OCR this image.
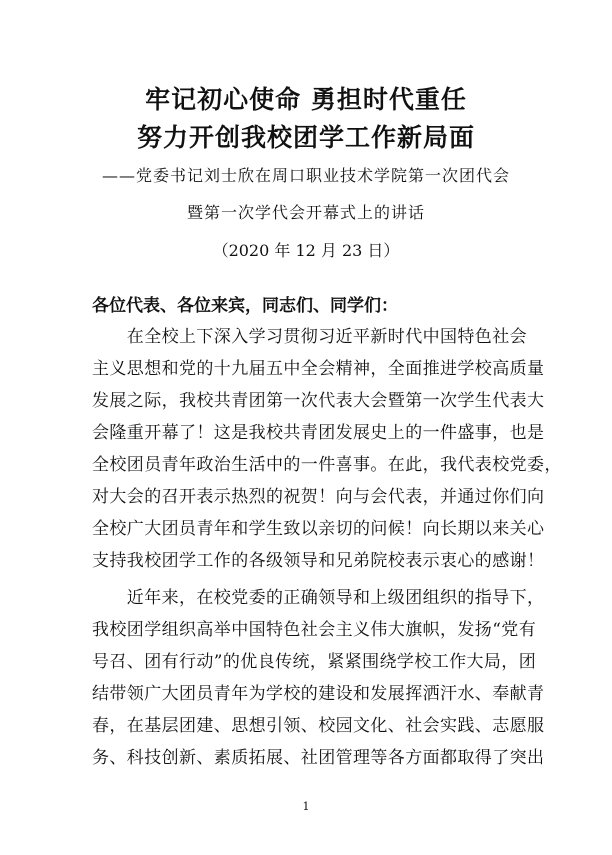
牢记初心使命 勇担时代重任
努力开创我校团学工作新局面
——党委书记刘士欣在周口职业技术学院第一次团代会
暨第一次学代会开幕式上的讲话
（2020 年 12 月 23 日）
各位代表、各位来宾，同志们、同学们：
　　在全校上下深入学习贯彻习近平新时代中国特色社会
主义思想和党的十九届五中全会精神，全面推进学校高质量
发展之际，我校共青团第一次代表大会暨第一次学生代表大
会隆重开幕了！这是我校共青团发展史上的一件盛事，也是
全校团员青年政治生活中的一件喜事。在此，我代表校党委，
对大会的召开表示热烈的祝贺！向与会代表，并通过你们向
全校广大团员青年和学生致以亲切的问候！向长期以来关心
支持我校团学工作的各级领导和兄弟院校表示衷心的感谢！
　　近年来，在校党委的正确领导和上级团组织的指导下，
我校团学组织高举中国特色社会主义伟大旗帜，发扬“党有
号召、团有行动”的优良传统，紧紧围绕学校工作大局，团
结带领广大团员青年为学校的建设和发展挥洒汗水、奉献青
春，在基层团建、思想引领、校园文化、社会实践、志愿服
务、科技创新、素质拓展、社团管理等各方面都取得了突出
1
